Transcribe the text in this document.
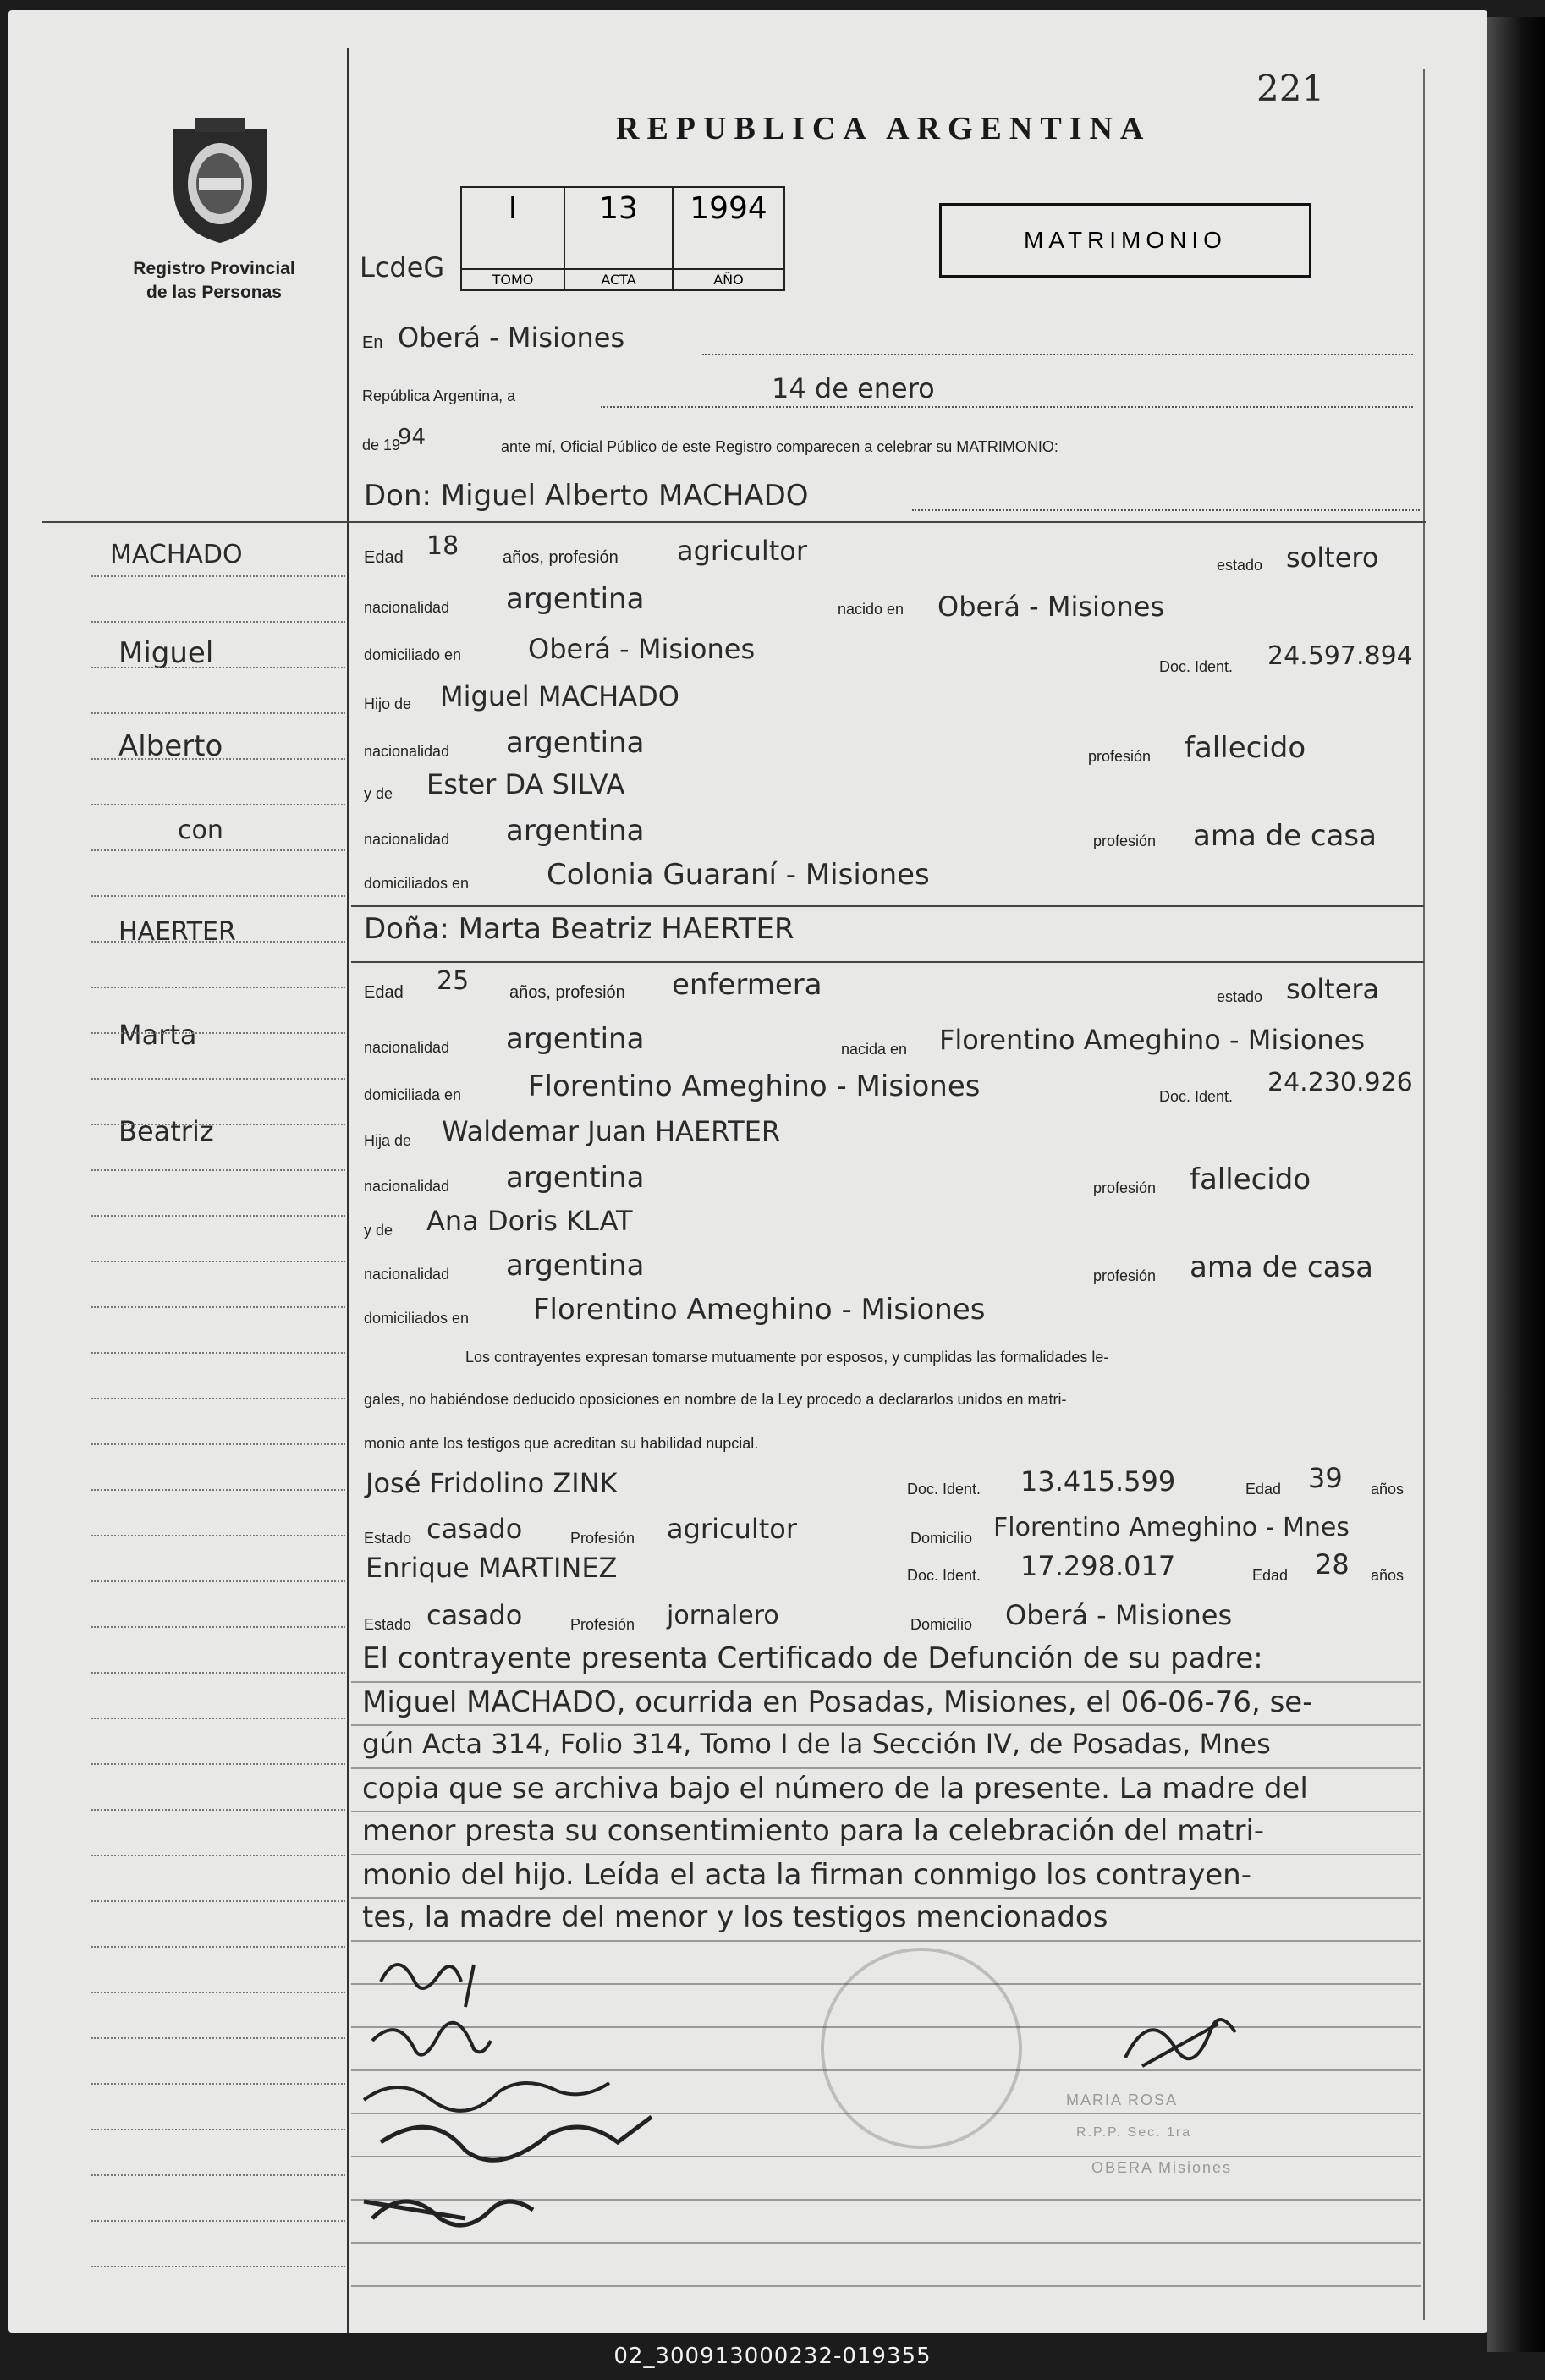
221
Registro Provincial
de las Personas
REPUBLICA ARGENTINA
LcdeG
I
TOMO
13
ACTA
1994
AÑO
MATRIMONIO
En Oberá - Misiones
República Argentina, a	14 de enero
de 19
94	ante mí, Oficial Público de este Registro comparecen a celebrar su MATRIMONIO:
Don: Miguel Alberto MACHADO
MACHADO
Miguel
Alberto
con
HAERTER
Marta
Beatriz
Edad 18	años, profesión agricultor	estado soltero
nacionalidad argentina	nacido en Oberá - Misiones
domiciliado en Oberá - Misiones
Doc. Ident. 24.597.894
Hijo de Miguel MACHADO
nacionalidad argentina	profesión fallecido
y de Ester DA SILVA
nacionalidad argentina	profesión ama de casa
domiciliados en	Colonia Guaraní - Misiones
Doña: Marta Beatriz HAERTER
Edad 25 años, profesión enfermera	estado soltera
nacionalidad argentina	nacida en Florentino Ameghino - Misiones
domiciliada en Florentino Ameghino - Misiones	Doc. Ident. 24.230.926
Hija de Waldemar Juan HAERTER
nacionalidad argentina	profesión fallecido
y de Ana Doris KLAT
nacionalidad argentina	profesión ama de casa
domiciliados en Florentino Ameghino - Misiones
Los contrayentes expresan tomarse mutuamente por esposos, y cumplidas las formalidades le-
gales, no habiéndose deducido oposiciones en nombre de la Ley procedo a declararlos unidos en matri-
monio ante los testigos que acreditan su habilidad nupcial.
José Fridolino ZINK	Doc. Ident. 13.415.599	Edad 39 años
Estado casado	Profesión agricultor	Domicilio Florentino Ameghino - Mnes
Enrique MARTINEZ	Doc. Ident. 17.298.017	Edad 28 años
Estado casado	Profesión jornalero	Domicilio Oberá - Misiones
El contrayente presenta Certificado de Defunción de su padre:
Miguel MACHADO, ocurrida en Posadas, Misiones, el 06-06-76, se-
gún Acta 314, Folio 314, Tomo I de la Sección IV, de Posadas, Mnes
copia que se archiva bajo el número de la presente. La madre del
menor presta su consentimiento para la celebración del matri-
monio del hijo. Leída el acta la firman conmigo los contrayen-
tes, la madre del menor y los testigos mencionados
MARIA ROSA
R.P.P. Sec. 1ra
OBERA Misiones
02_300913000232-019355
